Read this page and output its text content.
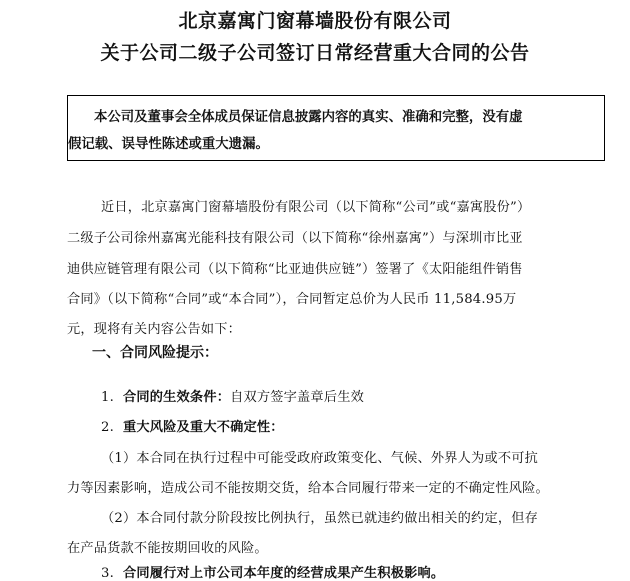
北京嘉寓门窗幕墙股份有限公司
关于公司二级子公司签订日常经营重大合同的公告
本公司及董事会全体成员保证信息披露内容的真实、准确和完整，没有虚
假记载、误导性陈述或重大遗漏。
近日，北京嘉寓门窗幕墙股份有限公司（以下简称“公司”或“嘉寓股份”）
二级子公司徐州嘉寓光能科技有限公司（以下简称“徐州嘉寓”）与深圳市比亚
迪供应链管理有限公司（以下简称“比亚迪供应链”）签署了《太阳能组件销售
合同》（以下简称“合同”或“本合同”），合同暂定总价为人民币 11,584.95万
元，现将有关内容公告如下：
一、合同风险提示：
1. 合同的生效条件：自双方签字盖章后生效
2. 重大风险及重大不确定性：
（1）本合同在执行过程中可能受政府政策变化、气候、外界人为或不可抗
力等因素影响，造成公司不能按期交货，给本合同履行带来一定的不确定性风险。
（2）本合同付款分阶段按比例执行，虽然已就违约做出相关的约定，但存
在产品货款不能按期回收的风险。
3. 合同履行对上市公司本年度的经营成果产生积极影响。
